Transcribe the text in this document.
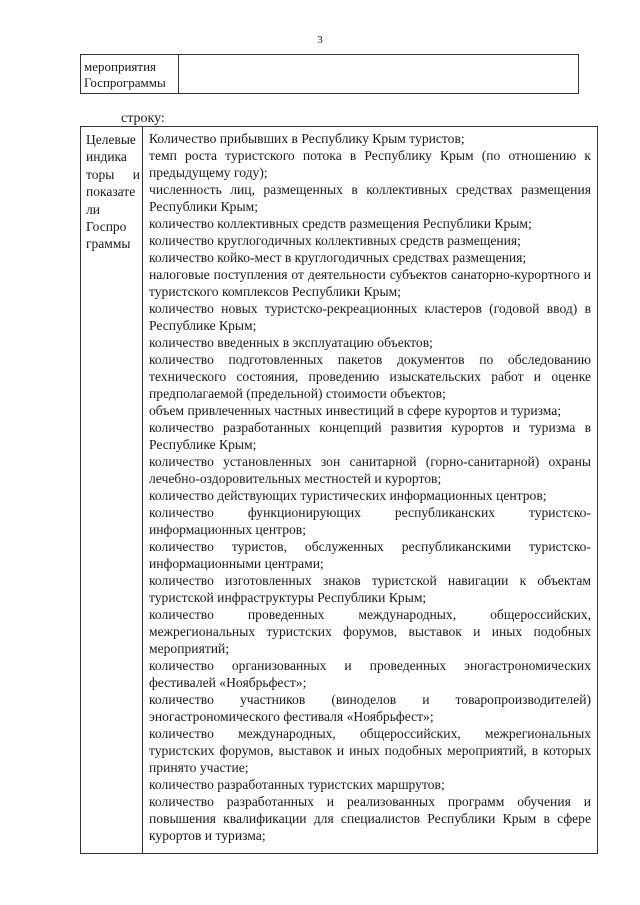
3
мероприятия
Госпрограммы
строку:
Целевые
индика
торы и
показате
ли
Госпро
граммы
Количество прибывших в Республику Крым туристов;
темп роста туристского потока в Республику Крым (по отношению к предыдущему году);
численность лиц, размещенных в коллективных средствах размещения Республики Крым;
количество коллективных средств размещения Республики Крым;
количество круглогодичных коллективных средств размещения;
количество койко-мест в круглогодичных средствах размещения;
налоговые поступления от деятельности субъектов санаторно-курортного и туристского комплексов Республики Крым;
количество новых туристско-рекреационных кластеров (годовой ввод) в Республике Крым;
количество введенных в эксплуатацию объектов;
количество подготовленных пакетов документов по обследованию технического состояния, проведению изыскательских работ и оценке предполагаемой (предельной) стоимости объектов;
объем привлеченных частных инвестиций в сфере курортов и туризма;
количество разработанных концепций развития курортов и туризма в Республике Крым;
количество установленных зон санитарной (горно-санитарной) охраны лечебно-оздоровительных местностей и курортов;
количество действующих туристических информационных центров;
количество функционирующих республиканских туристско-информационных центров;
количество туристов, обслуженных республиканскими туристско-информационными центрами;
количество изготовленных знаков туристской навигации к объектам туристской инфраструктуры Республики Крым;
количество проведенных международных, общероссийских, межрегиональных туристских форумов, выставок и иных подобных мероприятий;
количество организованных и проведенных эногастрономических фестивалей «Ноябрьфест»;
количество участников (виноделов и товаропроизводителей) эногастрономического фестиваля «Ноябрьфест»;
количество международных, общероссийских, межрегиональных туристских форумов, выставок и иных подобных мероприятий, в которых принято участие;
количество разработанных туристских маршрутов;
количество разработанных и реализованных программ обучения и повышения квалификации для специалистов Республики Крым в сфере курортов и туризма;
